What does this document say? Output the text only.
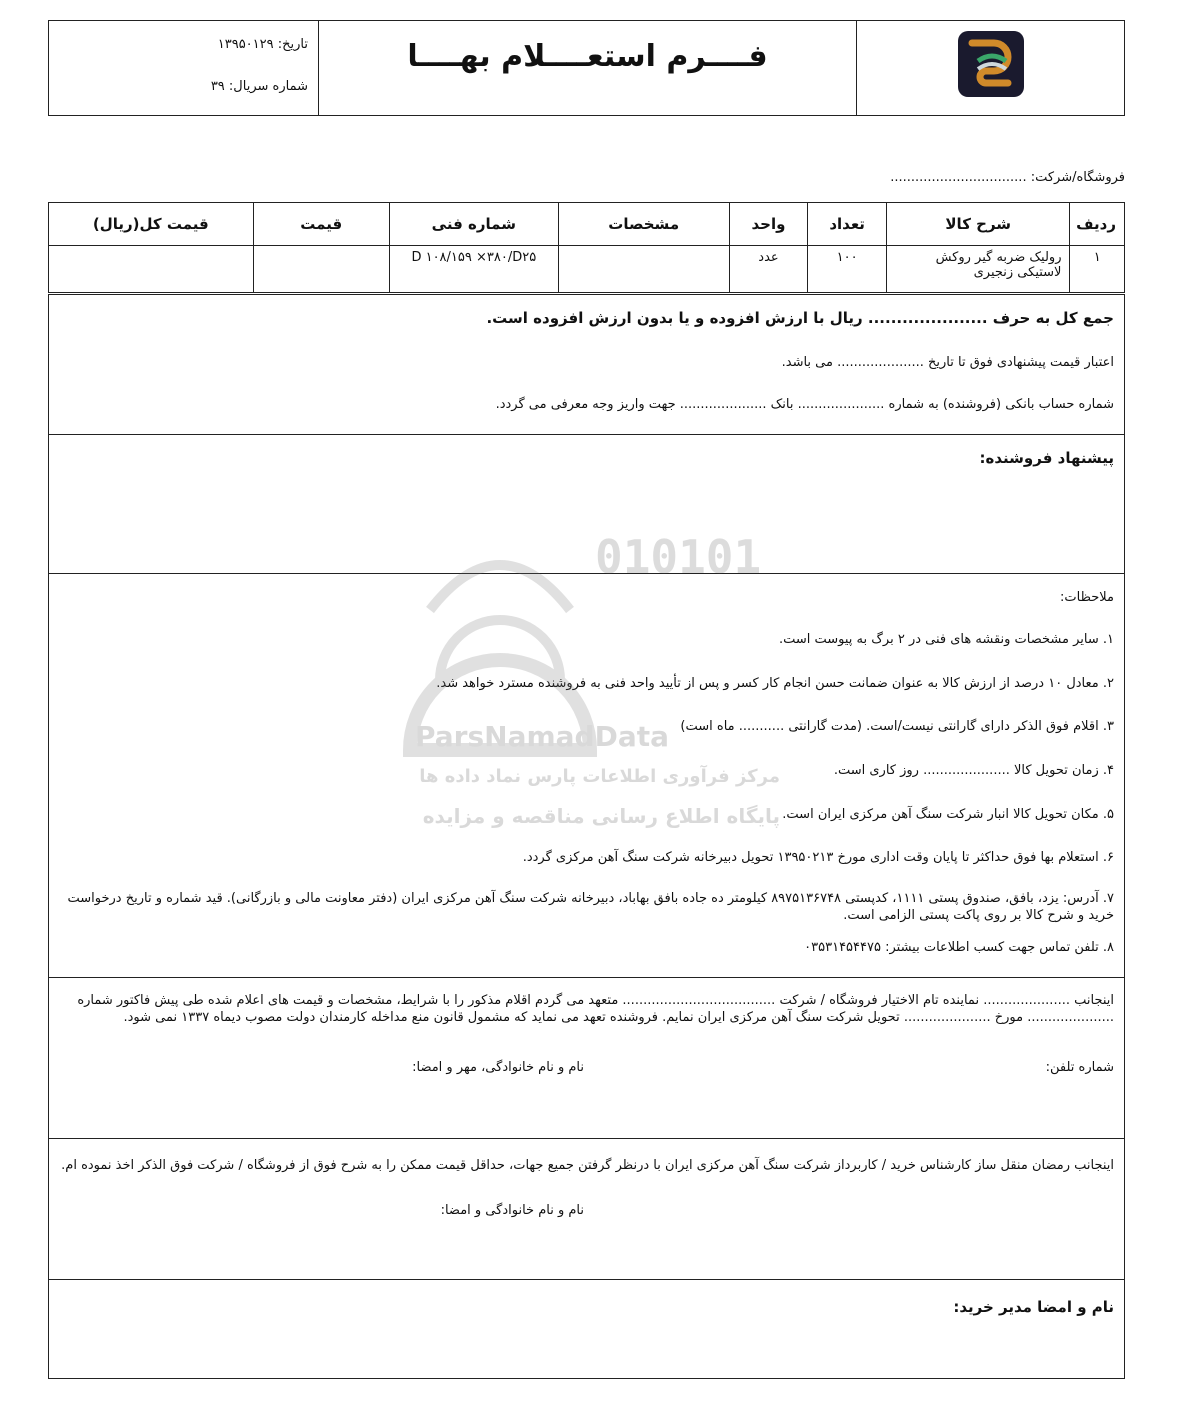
فــــرم استعــــلام بهــــا
تاریخ: ۱۳۹۵۰۱۲۹
شماره سریال: ۳۹
فروشگاه/شرکت: .................................
ردیف	شرح کالا	تعداد	واحد	مشخصات	شماره فنی	قیمت	قیمت کل(ریال)
۱	رولیک ضربه گیر روکش لاستیکی زنجیری	۱۰۰	عدد		D ۱۰۸/۱۵۹ ×۳۸۰/D۲۵		
جمع کل به حرف ..................... ریال با ارزش افزوده و یا بدون ارزش افزوده است.
اعتبار قیمت پیشنهادی فوق تا تاریخ ..................... می باشد.
شماره حساب بانکی (فروشنده) به شماره ..................... بانک ..................... جهت واریز وجه معرفی می گردد.
پیشنهاد فروشنده:
ملاحظات:
۱. سایر مشخصات ونقشه های فنی در ۲ برگ به پیوست است.
۲. معادل ۱۰ درصد از ارزش کالا به عنوان ضمانت حسن انجام کار کسر و پس از تأیید واحد فنی به فروشنده مسترد خواهد شد.
۳. اقلام فوق الذکر دارای گارانتی نیست/است. (مدت گارانتی ........... ماه است)
۴. زمان تحویل کالا ..................... روز کاری است.
۵. مکان تحویل کالا انبار شرکت سنگ آهن مرکزی ایران است.
۶. استعلام بها فوق حداکثر تا پایان وقت اداری مورخ ۱۳۹۵۰۲۱۳ تحویل دبیرخانه شرکت سنگ آهن مرکزی گردد.
۷. آدرس: یزد، بافق، صندوق پستی ۱۱۱۱، کدپستی ۸۹۷۵۱۳۶۷۴۸ کیلومتر ده جاده بافق بهاباد، دبیرخانه شرکت سنگ آهن مرکزی ایران (دفتر معاونت مالی و بازرگانی). قید شماره و تاریخ درخواست خرید و شرح کالا بر روی پاکت پستی الزامی است.
۸. تلفن تماس جهت کسب اطلاعات بیشتر: ۰۳۵۳۱۴۵۴۴۷۵
اینجانب ..................... نماینده تام الاختیار فروشگاه / شرکت ..................................... متعهد می گردم اقلام مذکور را با شرایط، مشخصات و قیمت های اعلام شده طی پیش فاکتور شماره ..................... مورخ ..................... تحویل شرکت سنگ آهن مرکزی ایران نمایم. فروشنده تعهد می نماید که مشمول قانون منع مداخله کارمندان دولت مصوب دیماه ۱۳۳۷ نمی شود.
شماره تلفن:
نام و نام خانوادگی، مهر و امضا:
اینجانب رمضان منقل ساز کارشناس خرید / کاربرداز شرکت سنگ آهن مرکزی ایران با درنظر گرفتن جمیع جهات، حداقل قیمت ممکن را به شرح فوق از فروشگاه / شرکت فوق الذکر اخذ نموده ام.
نام و نام خانوادگی و امضا:
نام و امضا مدیر خرید:
010101
ParsNamadData
مرکز فرآوری اطلاعات پارس نماد داده ها
پایگاه اطلاع رسانی مناقصه و مزایده
